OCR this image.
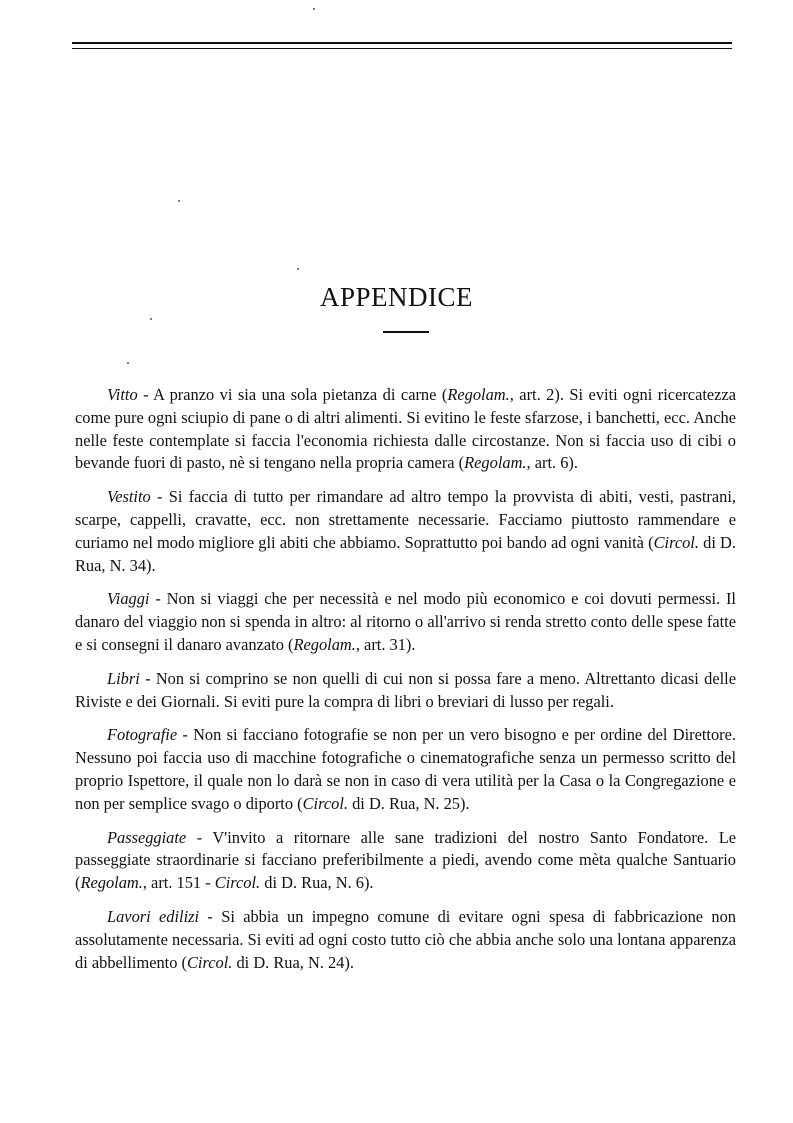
APPENDICE

Vitto - A pranzo vi sia una sola pietanza di carne (Regolam., art. 2). Si eviti ogni ricercatezza come pure ogni sciupio di pane o di altri alimenti. Si evitino le feste sfarzose, i banchetti, ecc. Anche nelle feste contemplate si faccia l'economia richiesta dalle circostanze. Non si faccia uso di cibi o bevande fuori di pasto, nè si tengano nella propria camera (Regolam., art. 6).

Vestito - Si faccia di tutto per rimandare ad altro tempo la provvista di abiti, vesti, pastrani, scarpe, cappelli, cravatte, ecc. non strettamente necessarie. Facciamo piuttosto rammendare e curiamo nel modo migliore gli abiti che abbiamo. Soprattutto poi bando ad ogni vanità (Circol. di D. Rua, N. 34).

Viaggi - Non si viaggi che per necessità e nel modo più economico e coi dovuti permessi. Il danaro del viaggio non si spenda in altro: al ritorno o all'arrivo si renda stretto conto delle spese fatte e si consegni il danaro avanzato (Regolam., art. 31).

Libri - Non si comprino se non quelli di cui non si possa fare a meno. Altrettanto dicasi delle Riviste e dei Giornali. Si eviti pure la compra di libri o breviari di lusso per regali.

Fotografie - Non si facciano fotografie se non per un vero bisogno e per ordine del Direttore. Nessuno poi faccia uso di macchine fotografiche o cinematografiche senza un permesso scritto del proprio Ispettore, il quale non lo darà se non in caso di vera utilità per la Casa o la Congregazione e non per semplice svago o diporto (Circol. di D. Rua, N. 25).

Passeggiate - V'invito a ritornare alle sane tradizioni del nostro Santo Fondatore. Le passeggiate straordinarie si facciano preferibilmente a piedi, avendo come mèta qualche Santuario (Regolam., art. 151 - Circol. di D. Rua, N. 6).

Lavori edilizi - Si abbia un impegno comune di evitare ogni spesa di fabbricazione non assolutamente necessaria. Si eviti ad ogni costo tutto ciò che abbia anche solo una lontana apparenza di abbellimento (Circol. di D. Rua, N. 24).
